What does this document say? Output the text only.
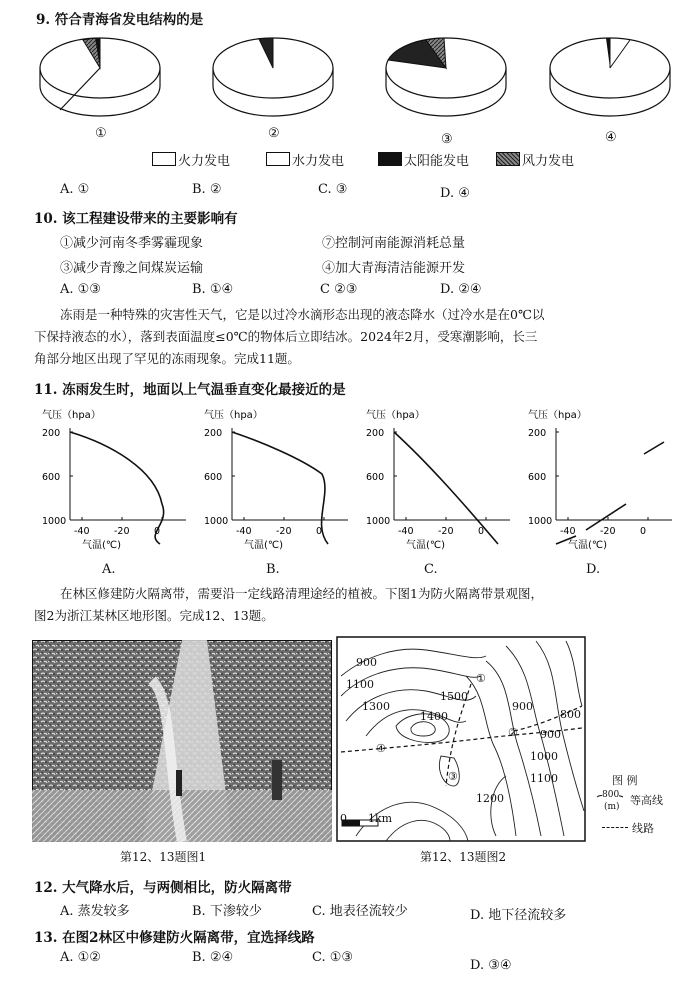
9. 符合青海省发电结构的是
①	②	③	④
火力发电	水力发电	太阳能发电	风力发电
A. ①	B. ②	C. ③	D. ④
10. 该工程建设带来的主要影响有
①减少河南冬季雾霾现象	⑦控制河南能源消耗总量
③减少青豫之间煤炭运输	④加大青海清洁能源开发
A. ①③	B. ①④	C ②③	D. ②④
冻雨是一种特殊的灾害性天气，它是以过冷水滴形态出现的液态降水（过冷水是在0℃以
下保持液态的水），落到表面温度≤0℃的物体后立即结冰。2024年2月，受寒潮影响，长三
角部分地区出现了罕见的冻雨现象。完成11题。
11. 冻雨发生时，地面以上气温垂直变化最接近的是
气压（hpa）
200
600
1000
-40	-20	0
气温(℃)
气压（hpa）
200
600
1000
-40	-20	0
气温(℃)
气压（hpa）
200
600
1000
-40	-20	0
气温(℃)
气压（hpa）
200
600
1000
-40	-20	0
气温(℃)
A.	B.	C.	D.
在林区修建防火隔离带，需要沿一定线路清理途经的植被。下图1为防火隔离带景观图，
图2为浙江某林区地形图。完成12、13题。
第12、13题图1
900
1100
1300
1400
1500
1200
1100
1000
900
800
900
①
②
③
④
0 1km
第12、13题图2
图 例
800
(m) 等高线
线路
12. 大气降水后，与两侧相比，防火隔离带
A. 蒸发较多	B. 下渗较少	C. 地表径流较少	D. 地下径流较多
13. 在图2林区中修建防火隔离带，宜选择线路
A. ①②	B. ②④	C. ①③
D. ③④
